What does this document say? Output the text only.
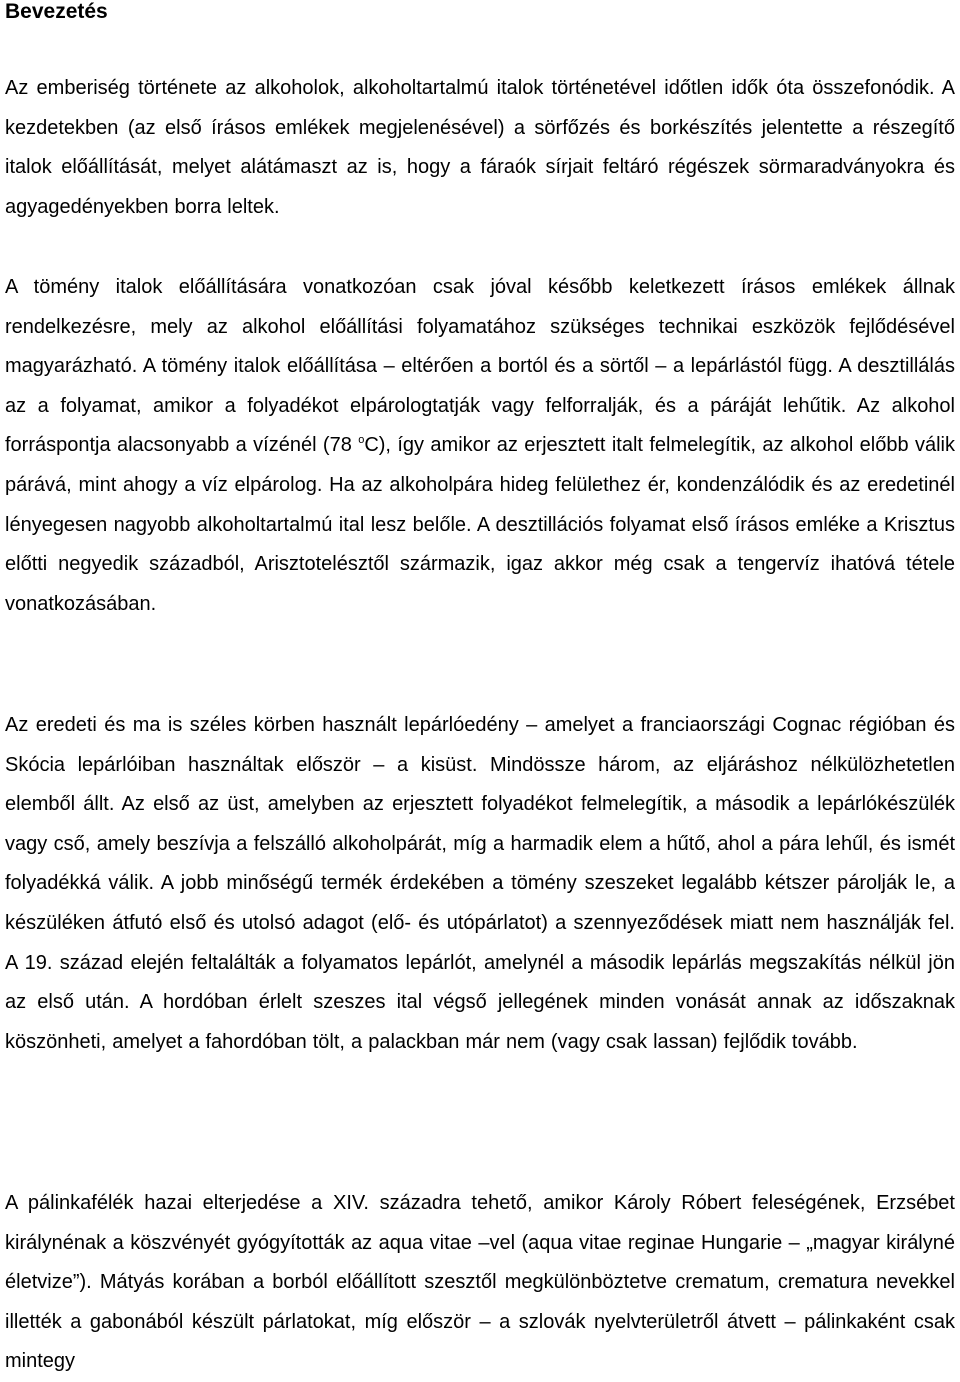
Bevezetés

Az emberiség története az alkoholok, alkoholtartalmú italok történetével időtlen idők óta összefonódik. A kezdetekben (az első írásos emlékek megjelenésével) a sörfőzés és borkészítés jelentette a részegítő italok előállítását, melyet alátámaszt az is, hogy a fáraók sírjait feltáró régészek sörmaradványokra és agyagedényekben borra leltek.

A tömény italok előállítására vonatkozóan csak jóval később keletkezett írásos emlékek állnak rendelkezésre, mely az alkohol előállítási folyamatához szükséges technikai eszközök fejlődésével magyarázható. A tömény italok előállítása – eltérően a bortól és a sörtől – a lepárlástól függ. A desztillálás az a folyamat, amikor a folyadékot elpárologtatják vagy felforralják, és a páráját lehűtik. Az alkohol forráspontja alacsonyabb a vízénél (78 $^o$C), így amikor az erjesztett italt felmelegítik, az alkohol előbb válik párává, mint ahogy a víz elpárolog. Ha az alkoholpára hideg felülethez ér, kondenzálódik és az eredetinél lényegesen nagyobb alkoholtartalmú ital lesz belőle. A desztillációs folyamat első írásos emléke a Krisztus előtti negyedik századból, Arisztotelésztől származik, igaz akkor még csak a tengervíz ihatóvá tétele vonatkozásában.

Az eredeti és ma is széles körben használt lepárlóedény – amelyet a franciaországi Cognac régióban és Skócia lepárlóiban használtak először – a kisüst. Mindössze három, az eljáráshoz nélkülözhetetlen elemből állt. Az első az üst, amelyben az erjesztett folyadékot felmelegítik, a második a lepárlókészülék vagy cső, amely beszívja a felszálló alkoholpárát, míg a harmadik elem a hűtő, ahol a pára lehűl, és ismét folyadékká válik. A jobb minőségű termék érdekében a tömény szeszeket legalább kétszer párolják le, a készüléken átfutó első és utolsó adagot (elő- és utópárlatot) a szennyeződések miatt nem használják fel. A 19. század elején feltalálták a folyamatos lepárlót, amelynél a második lepárlás megszakítás nélkül jön az első után. A hordóban érlelt szeszes ital végső jellegének minden vonását annak az időszaknak köszönheti, amelyet a fahordóban tölt, a palackban már nem (vagy csak lassan) fejlődik tovább.

A pálinkafélék hazai elterjedése a XIV. századra tehető, amikor Károly Róbert feleségének, Erzsébet királynénak a köszvényét gyógyították az aqua vitae –vel (aqua vitae reginae Hungarie – „magyar királyné életvize”). Mátyás korában a borból előállított szesztől megkülönböztetve crematum, crematura nevekkel illették a gabonából készült párlatokat, míg először – a szlovák nyelvterületről átvett – pálinkaként csak mintegy
